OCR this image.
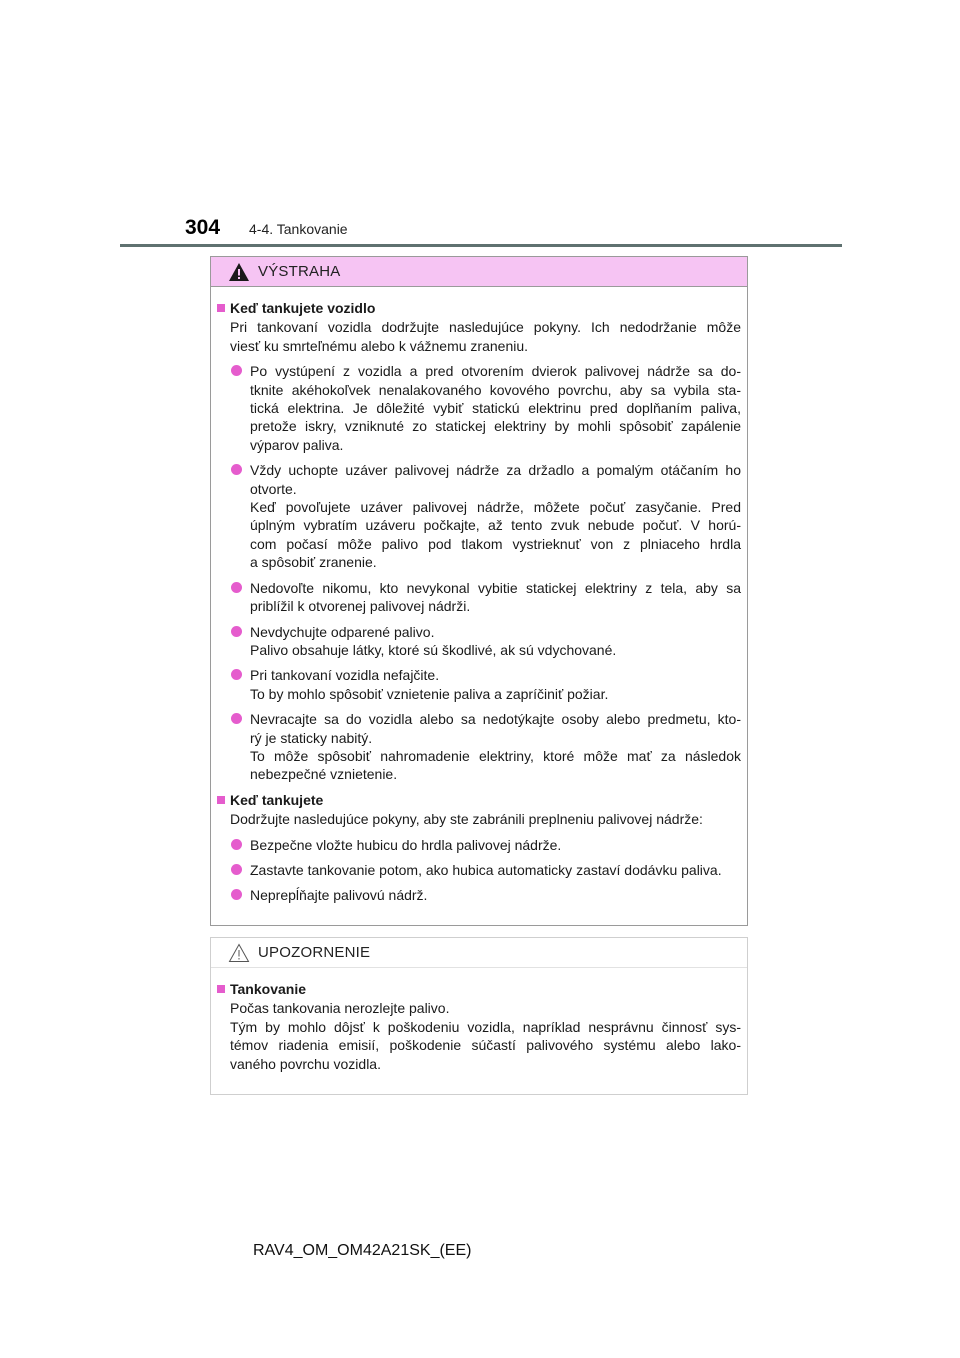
304 4-4. Tankovanie
VÝSTRAHA
Keď tankujete vozidlo
Pri tankovaní vozidla dodržujte nasledujúce pokyny. Ich nedodržanie môže
viesť ku smrteľnému alebo k vážnemu zraneniu.
Po vystúpení z vozidla a pred otvorením dvierok palivovej nádrže sa do-
tknite akéhokoľvek nenalakovaného kovového povrchu, aby sa vybila sta-
tická elektrina. Je dôležité vybiť statickú elektrinu pred doplňaním paliva,
pretože iskry, vzniknuté zo statickej elektriny by mohli spôsobiť zapálenie
výparov paliva.
Vždy uchopte uzáver palivovej nádrže za držadlo a pomalým otáčaním ho
otvorte.
Keď povoľujete uzáver palivovej nádrže, môžete počuť zasyčanie. Pred
úplným vybratím uzáveru počkajte, až tento zvuk nebude počuť. V horú-
com počasí môže palivo pod tlakom vystrieknuť von z plniaceho hrdla
a spôsobiť zranenie.
Nedovoľte nikomu, kto nevykonal vybitie statickej elektriny z tela, aby sa
priblížil k otvorenej palivovej nádrži.
Nevdychujte odparené palivo.
Palivo obsahuje látky, ktoré sú škodlivé, ak sú vdychované.
Pri tankovaní vozidla nefajčite.
To by mohlo spôsobiť vznietenie paliva a zapríčiniť požiar.
Nevracajte sa do vozidla alebo sa nedotýkajte osoby alebo predmetu, kto-
rý je staticky nabitý.
To môže spôsobiť nahromadenie elektriny, ktoré môže mať za následok
nebezpečné vznietenie.
Keď tankujete
Dodržujte nasledujúce pokyny, aby ste zabránili preplneniu palivovej nádrže:
Bezpečne vložte hubicu do hrdla palivovej nádrže.
Zastavte tankovanie potom, ako hubica automaticky zastaví dodávku paliva.
Neprepĺňajte palivovú nádrž.
UPOZORNENIE
Tankovanie
Počas tankovania nerozlejte palivo.
Tým by mohlo dôjsť k poškodeniu vozidla, napríklad nesprávnu činnosť sys-
témov riadenia emisií, poškodenie súčastí palivového systému alebo lako-
vaného povrchu vozidla.
RAV4_OM_OM42A21SK_(EE)
